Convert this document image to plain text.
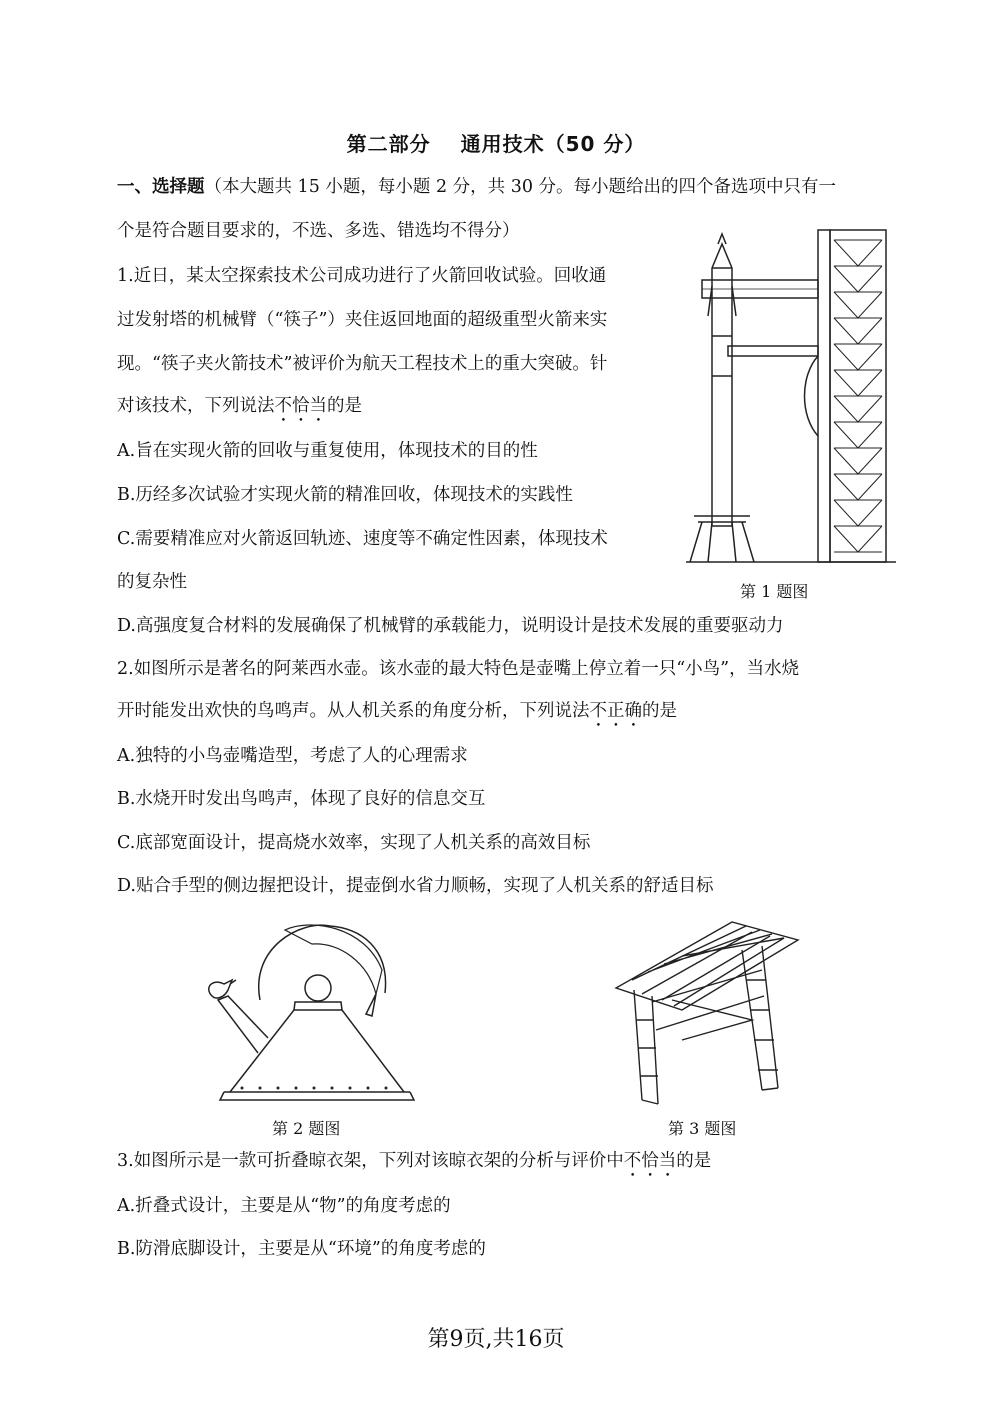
第二部分 通用技术（50 分）
一、选择题（本大题共 15 小题，每小题 2 分，共 30 分。每小题给出的四个备选项中只有一
个是符合题目要求的，不选、多选、错选均不得分）
1.近日，某太空探索技术公司成功进行了火箭回收试验。回收通
过发射塔的机械臂（“筷子”）夹住返回地面的超级重型火箭来实
现。“筷子夹火箭技术”被评价为航天工程技术上的重大突破。针
对该技术，下列说法不恰当的是
A.旨在实现火箭的回收与重复使用，体现技术的目的性
B.历经多次试验才实现火箭的精准回收，体现技术的实践性
C.需要精准应对火箭返回轨迹、速度等不确定性因素，体现技术
的复杂性
D.高强度复合材料的发展确保了机械臂的承载能力，说明设计是技术发展的重要驱动力
第 1 题图
2.如图所示是著名的阿莱西水壶。该水壶的最大特色是壶嘴上停立着一只“小鸟”，当水烧
开时能发出欢快的鸟鸣声。从人机关系的角度分析，下列说法不正确的是
A.独特的小鸟壶嘴造型，考虑了人的心理需求
B.水烧开时发出鸟鸣声，体现了良好的信息交互
C.底部宽面设计，提高烧水效率，实现了人机关系的高效目标
D.贴合手型的侧边握把设计，提壶倒水省力顺畅，实现了人机关系的舒适目标
第 2 题图	第 3 题图
3.如图所示是一款可折叠晾衣架，下列对该晾衣架的分析与评价中不恰当的是
A.折叠式设计，主要是从“物”的角度考虑的
B.防滑底脚设计，主要是从“环境”的角度考虑的
第9页,共16页
